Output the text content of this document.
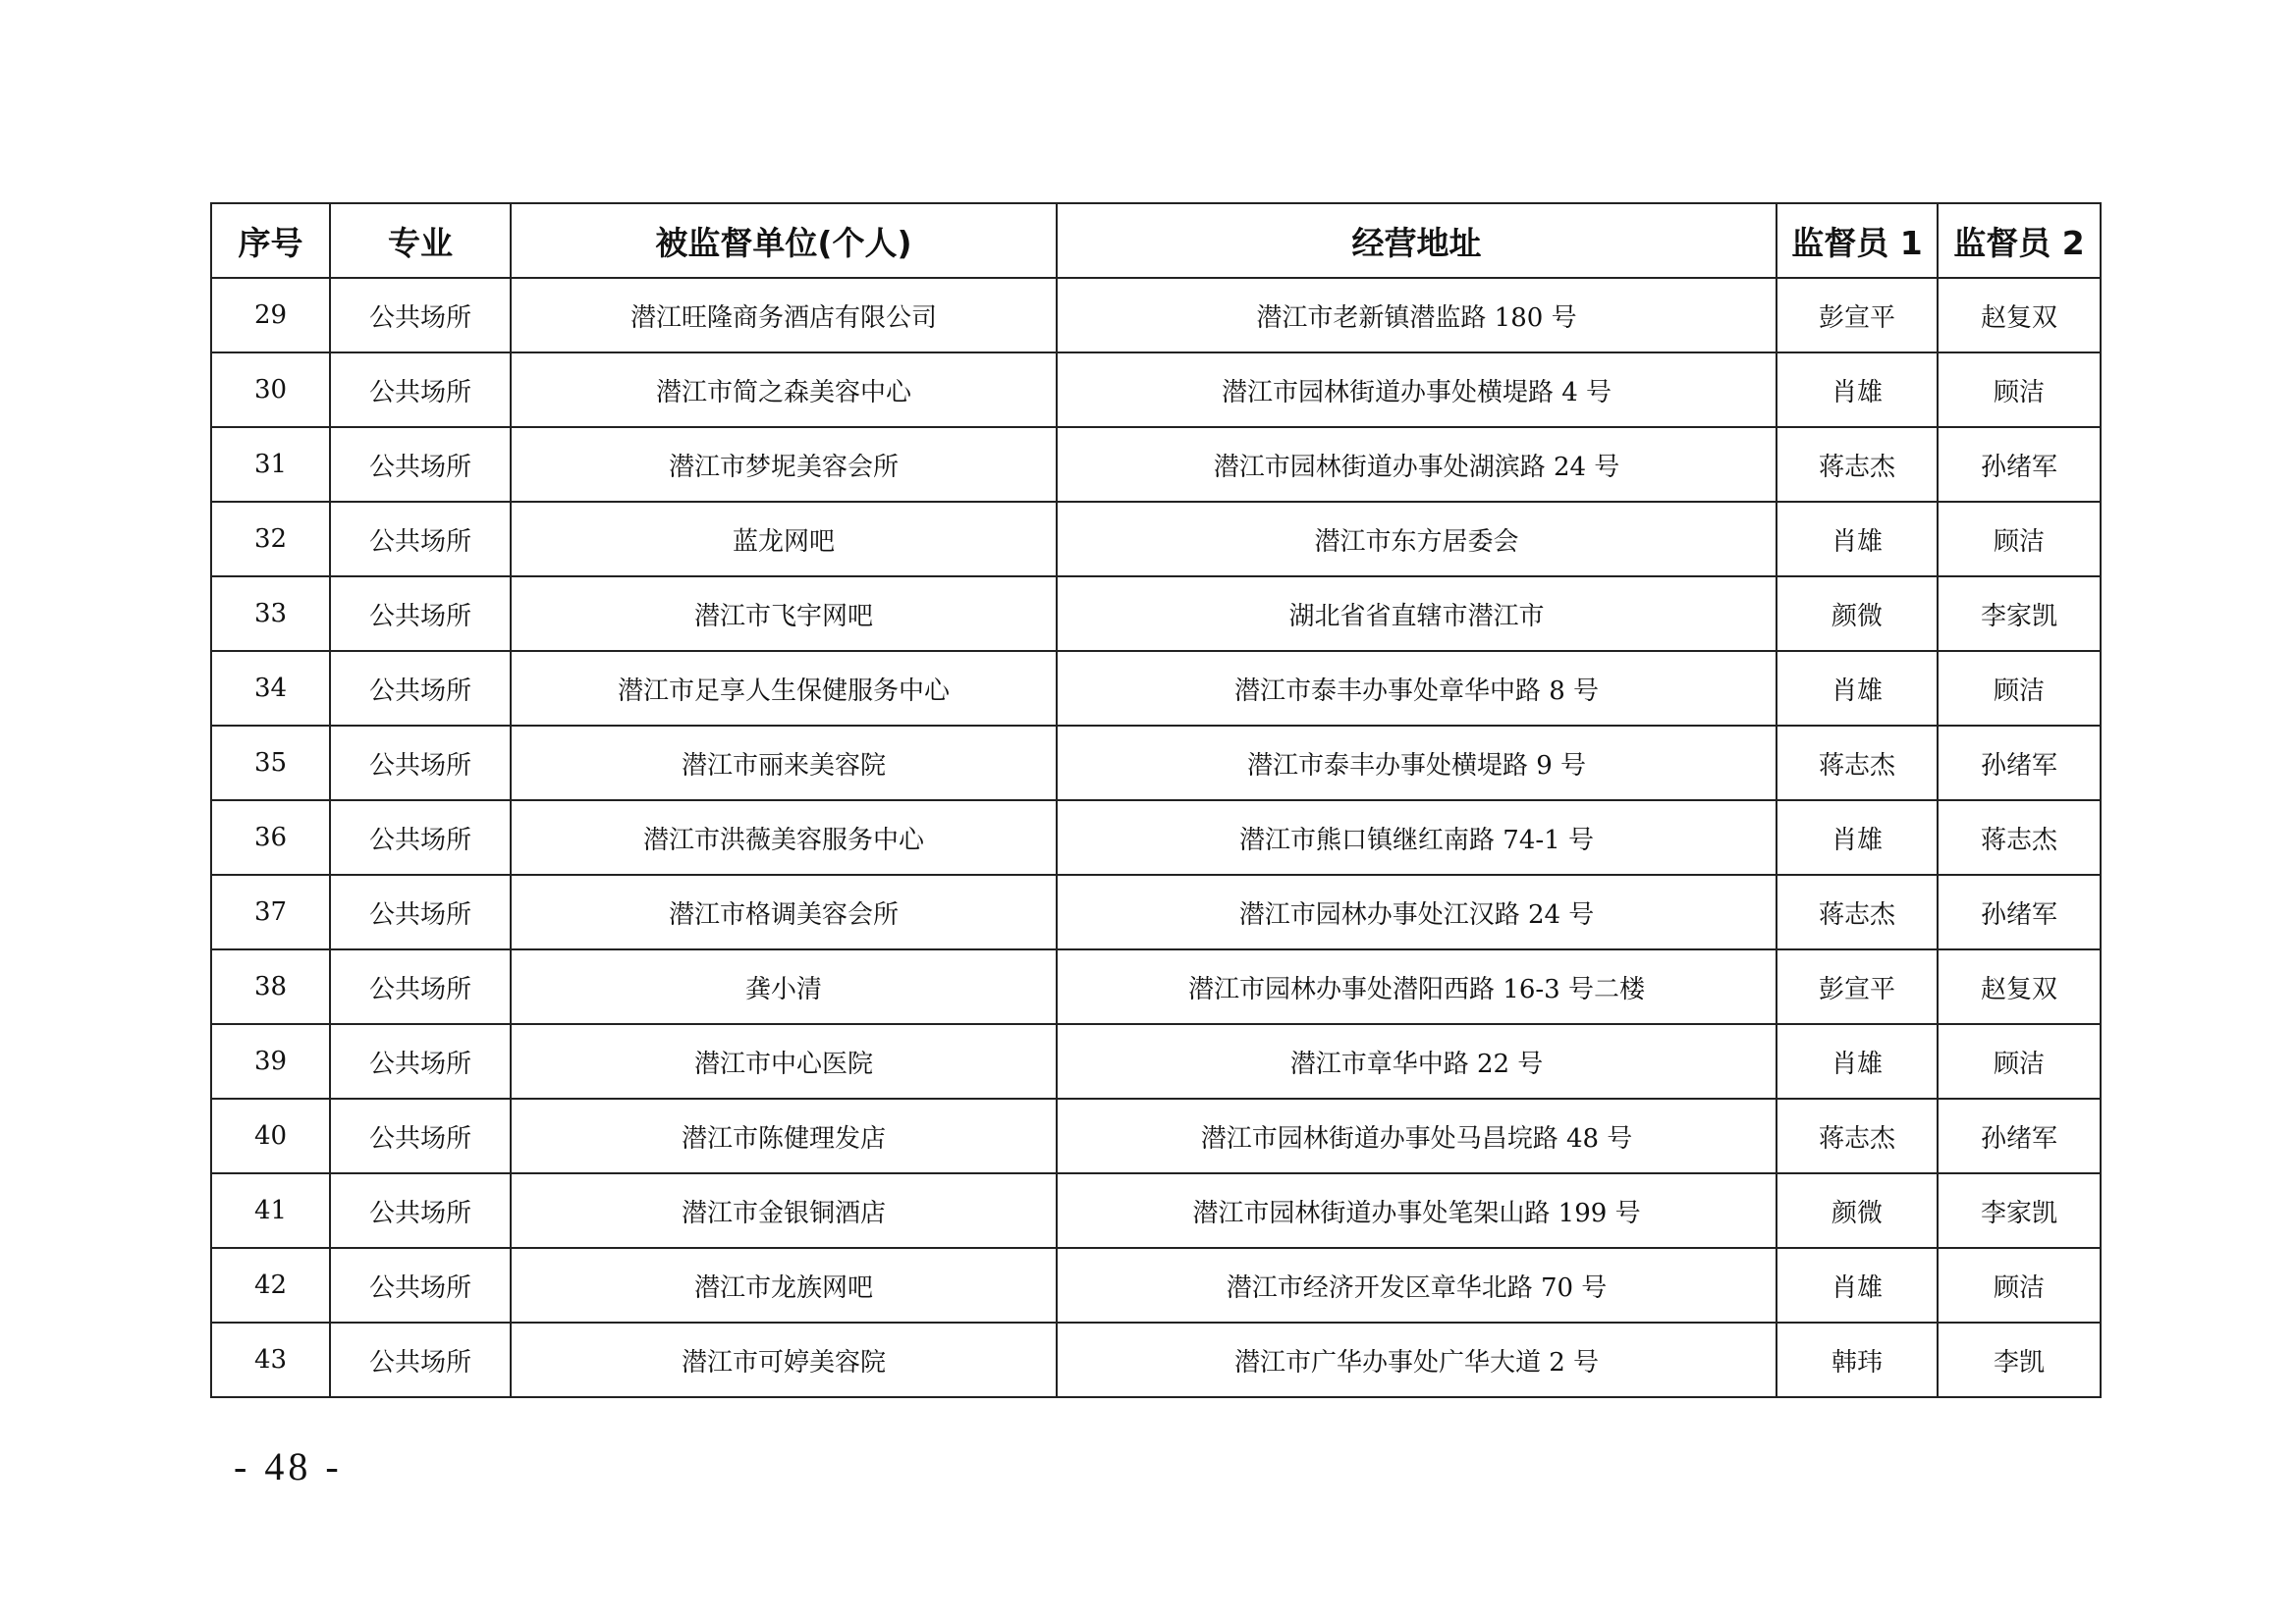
序号	专业	被监督单位(个人)	经营地址	监督员 1	监督员 2
29	公共场所	潜江旺隆商务酒店有限公司	潜江市老新镇潜监路 180 号	彭宣平	赵复双
30	公共场所	潜江市简之森美容中心	潜江市园林街道办事处横堤路 4 号	肖雄	顾洁
31	公共场所	潜江市梦坭美容会所	潜江市园林街道办事处湖滨路 24 号	蒋志杰	孙绪军
32	公共场所	蓝龙网吧	潜江市东方居委会	肖雄	顾洁
33	公共场所	潜江市飞宇网吧	湖北省省直辖市潜江市	颜微	李家凯
34	公共场所	潜江市足享人生保健服务中心	潜江市泰丰办事处章华中路 8 号	肖雄	顾洁
35	公共场所	潜江市丽来美容院	潜江市泰丰办事处横堤路 9 号	蒋志杰	孙绪军
36	公共场所	潜江市洪薇美容服务中心	潜江市熊口镇继红南路 74-1 号	肖雄	蒋志杰
37	公共场所	潜江市格调美容会所	潜江市园林办事处江汉路 24 号	蒋志杰	孙绪军
38	公共场所	龚小清	潜江市园林办事处潜阳西路 16-3 号二楼	彭宣平	赵复双
39	公共场所	潜江市中心医院	潜江市章华中路 22 号	肖雄	顾洁
40	公共场所	潜江市陈健理发店	潜江市园林街道办事处马昌垸路 48 号	蒋志杰	孙绪军
41	公共场所	潜江市金银铜酒店	潜江市园林街道办事处笔架山路 199 号	颜微	李家凯
42	公共场所	潜江市龙族网吧	潜江市经济开发区章华北路 70 号	肖雄	顾洁
43	公共场所	潜江市可婷美容院	潜江市广华办事处广华大道 2 号	韩玮	李凯
- 48 -
